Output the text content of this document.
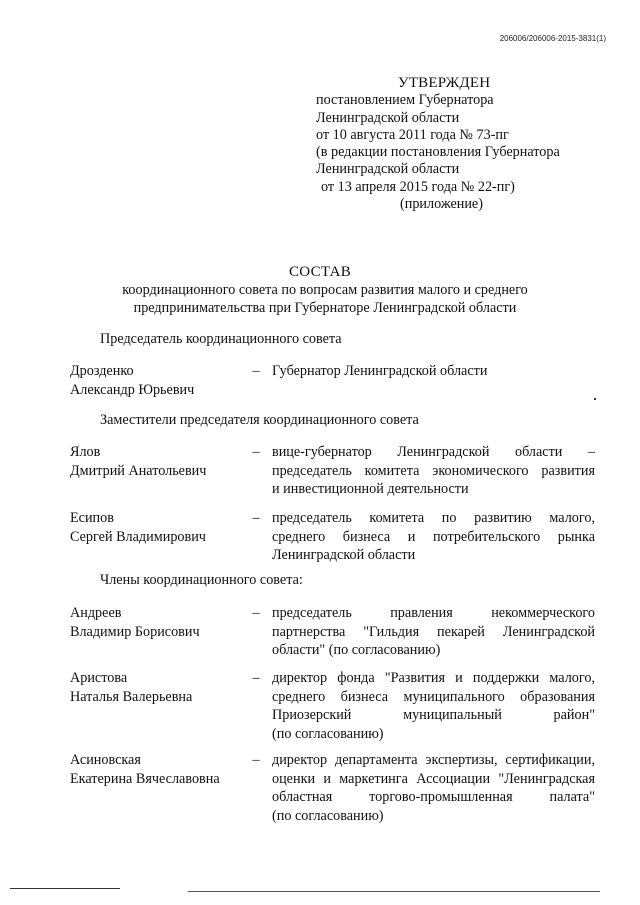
206006/206006-2015-3831(1)
УТВЕРЖДЕН
постановлением Губернатора
Ленинградской области
от 10 августа 2011 года № 73-пг
(в редакции постановления Губернатора
Ленинградской области
от 13 апреля 2015 года № 22-пг)
(приложение)
СОСТАВ
координационного совета по вопросам развития малого и среднего
предпринимательства при Губернаторе Ленинградской области
Председатель координационного совета
Дрозденко
Александр Юрьевич
– Губернатор Ленинградской области
Заместители председателя координационного совета
Ялов
Дмитрий Анатольевич
– вице-губернатор Ленинградской области –
председатель комитета экономического развития
и инвестиционной деятельности
Есипов
Сергей Владимирович
– председатель комитета по развитию малого,
среднего бизнеса и потребительского рынка
Ленинградской области
Члены координационного совета:
Андреев
Владимир Борисович
– председатель правления некоммерческого
партнерства "Гильдия пекарей Ленинградской
области" (по согласованию)
Аристова
Наталья Валерьевна
– директор фонда "Развития и поддержки малого,
среднего бизнеса муниципального образования
Приозерский муниципальный район"
(по согласованию)
Асиновская
Екатерина Вячеславовна
– директор департамента экспертизы, сертификации,
оценки и маркетинга Ассоциации "Ленинградская
областная торгово-промышленная палата"
(по согласованию)
